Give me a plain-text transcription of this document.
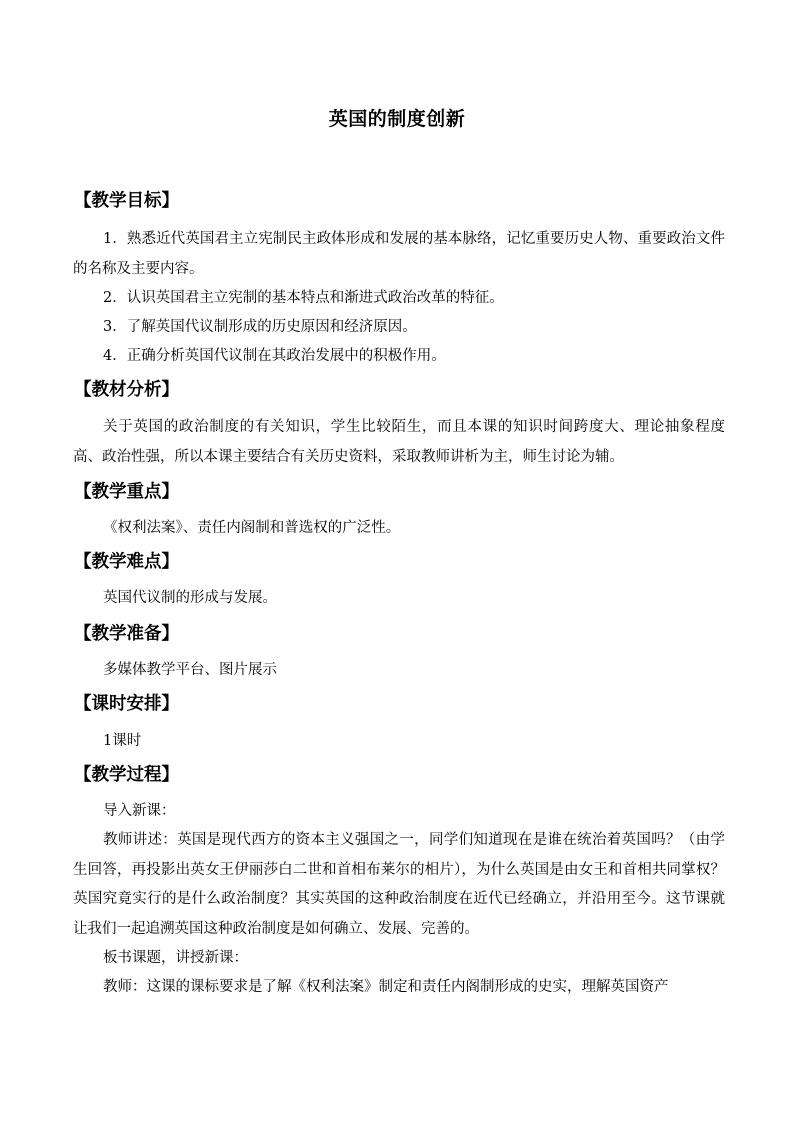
英国的制度创新
【教学目标】
1．熟悉近代英国君主立宪制民主政体形成和发展的基本脉络，记忆重要历史人物、重要政治文件的名称及主要内容。
2．认识英国君主立宪制的基本特点和渐进式政治改革的特征。
3．了解英国代议制形成的历史原因和经济原因。
4．正确分析英国代议制在其政治发展中的积极作用。
【教材分析】
关于英国的政治制度的有关知识，学生比较陌生，而且本课的知识时间跨度大、理论抽象程度高、政治性强，所以本课主要结合有关历史资料，采取教师讲析为主，师生讨论为辅。
【教学重点】
《权利法案》、责任内阁制和普选权的广泛性。
【教学难点】
英国代议制的形成与发展。
【教学准备】
多媒体教学平台、图片展示
【课时安排】
1课时
【教学过程】
导入新课：
教师讲述：英国是现代西方的资本主义强国之一，同学们知道现在是谁在统治着英国吗？（由学生回答，再投影出英女王伊丽莎白二世和首相布莱尔的相片），为什么英国是由女王和首相共同掌权？英国究竟实行的是什么政治制度？其实英国的这种政治制度在近代已经确立，并沿用至今。这节课就让我们一起追溯英国这种政治制度是如何确立、发展、完善的。
板书课题，讲授新课：
教师：这课的课标要求是了解《权利法案》制定和责任内阁制形成的史实，理解英国资产
